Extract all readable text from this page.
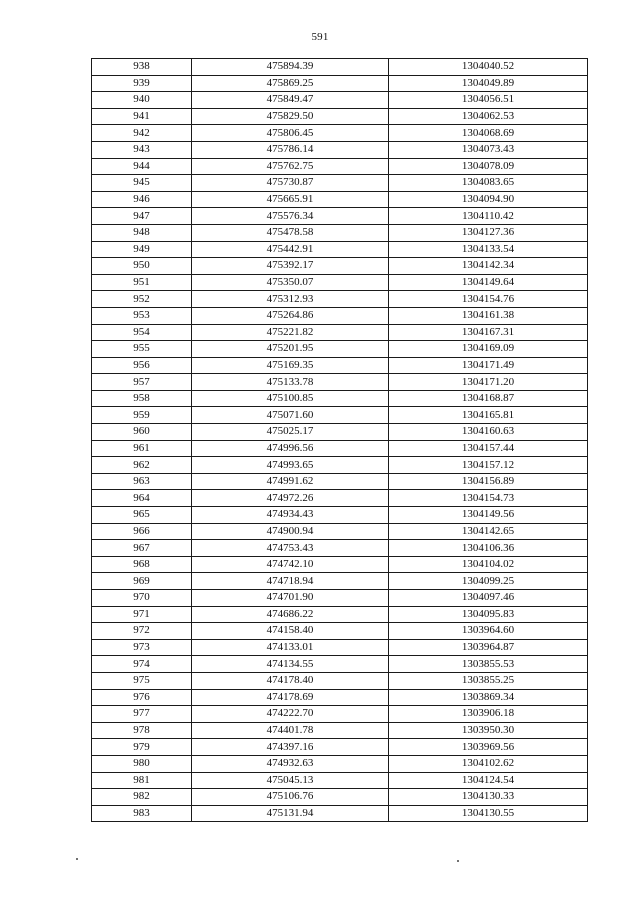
591
938	475894.39	1304040.52
939	475869.25	1304049.89
940	475849.47	1304056.51
941	475829.50	1304062.53
942	475806.45	1304068.69
943	475786.14	1304073.43
944	475762.75	1304078.09
945	475730.87	1304083.65
946	475665.91	1304094.90
947	475576.34	1304110.42
948	475478.58	1304127.36
949	475442.91	1304133.54
950	475392.17	1304142.34
951	475350.07	1304149.64
952	475312.93	1304154.76
953	475264.86	1304161.38
954	475221.82	1304167.31
955	475201.95	1304169.09
956	475169.35	1304171.49
957	475133.78	1304171.20
958	475100.85	1304168.87
959	475071.60	1304165.81
960	475025.17	1304160.63
961	474996.56	1304157.44
962	474993.65	1304157.12
963	474991.62	1304156.89
964	474972.26	1304154.73
965	474934.43	1304149.56
966	474900.94	1304142.65
967	474753.43	1304106.36
968	474742.10	1304104.02
969	474718.94	1304099.25
970	474701.90	1304097.46
971	474686.22	1304095.83
972	474158.40	1303964.60
973	474133.01	1303964.87
974	474134.55	1303855.53
975	474178.40	1303855.25
976	474178.69	1303869.34
977	474222.70	1303906.18
978	474401.78	1303950.30
979	474397.16	1303969.56
980	474932.63	1304102.62
981	475045.13	1304124.54
982	475106.76	1304130.33
983	475131.94	1304130.55
